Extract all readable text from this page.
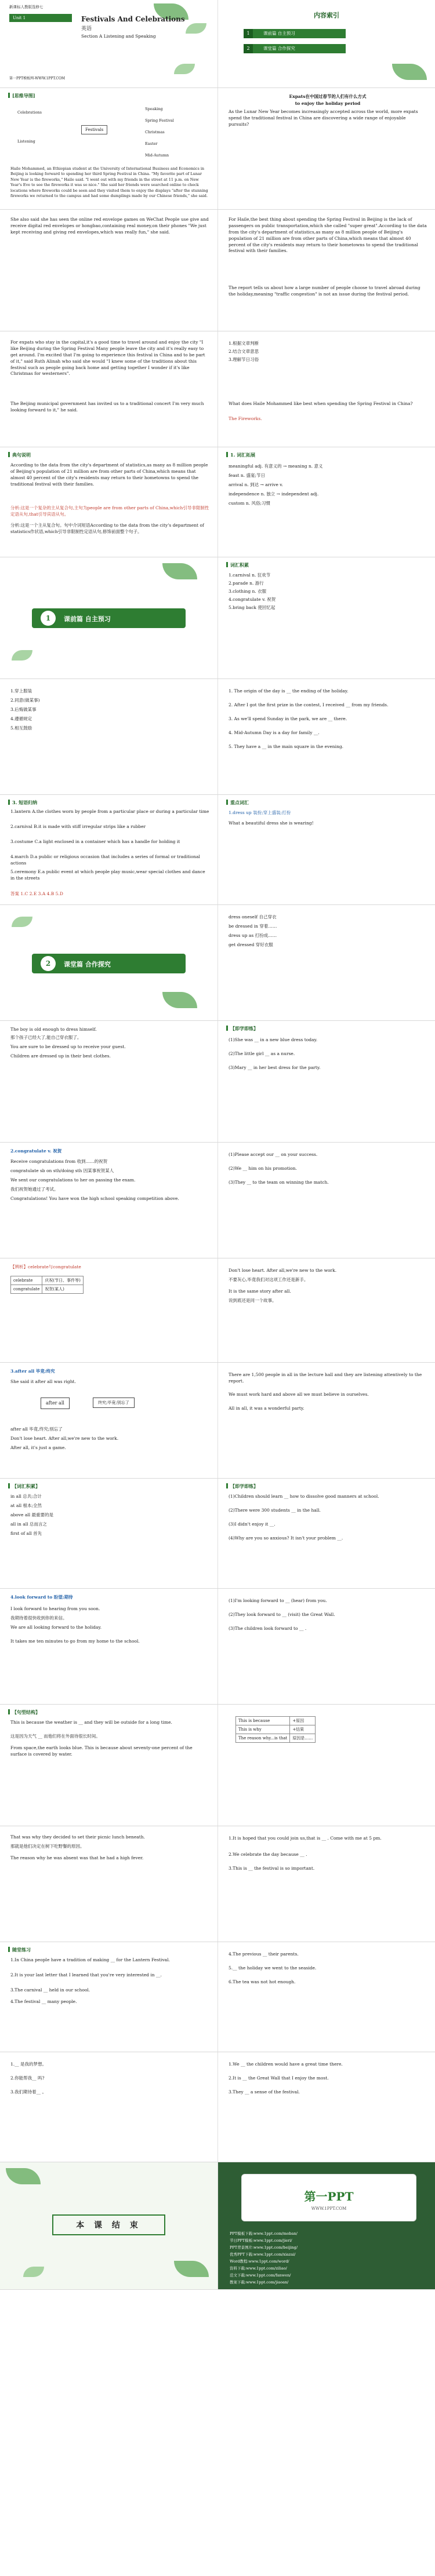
新课标人教版选修七
Unit 1	Festivals And Celebrations
英语
Section A Listening and Speaking
第一PPT模板网-WWW.1PPT.COM
内容索引
1	课前篇 自主预习
2	课堂篇 合作探究
[思维导图]
Festivals
Celebrations
Listening
Speaking
Spring Festival
Christmas
Easter
Mid-Autumn
Haile Mohammed, an Ethiopian student at the University of International Business and Economics in Beijing is looking forward to spending her third Spring Festival in China. "My favorite part of Lunar New Year is the fireworks," Haile said. "I went out with my friends in the street at 11 p.m. on New Year's Eve to see the fireworks it was so nice." She said her friends were searched online to check locations where fireworks could be seen and they visited them to enjoy the displays "after the stunning fireworks we returned to the campus and had some dumplings made by our Chinese friends," she said.
Expats在中国过春节的人们有什么方式
to enjoy the holiday period
As the Lunar New Year becomes increasingly accepted across the world, more expats spend the traditional festival in China are discovering a wide range of enjoyable pursuits?
She also said she has seen the online red envelope games on WeChat People use give and receive digital red envelopes or hongbao,containing real money,on their phones "We just kept receiving and giving red envelopes,which was really fun," she said.
For Haile,the best thing about spending the Spring Festival in Beijing is the lack of passengers on public transportation,which she called "super great".According to the data from the city's department of statistics,as many as 8 million people of Beijing's population of 21 million are from other parts of China,which means that almost 40 percent of the city's residents may return to their hometowns to spend the traditional festival with their families.
The report tells us about how a large number of people choose to travel abroad during the holiday,meaning "traffic congestion" is not an issue during the festival period.
For expats who stay in the capital,it's a good time to travel around and enjoy the city "I like Beijing during the Spring Festival Many people leave the city and it's really easy to get around. I'm excited that I'm going to experience this festival in China and to be part of it," said Ruth Alinah who said she would "I knew some of the traditions about this festival such as people going back home and getting together I wonder if it's like Christmas for westerners".
The Beijing municipal government has invited us to a traditional concert I'm very much looking forward to it," he said.
1.根据文章判断
2.结合文章意思
3.理解节日习俗
What does Haile Mohammed like best when spending the Spring Festival in China?
The Fireworks.
典句说明
According to the data from the city's department of statistics,as many as 8 million people of Beijing's population of 21 million are from other parts of China,which means that almost 40 percent of the city's residents may return to their hometowns to spend the traditional festival with their families.
分析:这是一个复杂的主从复合句,主句为people are from other parts of China,which引导非限制性定语从句,that引导宾语从句。
分析:这是一个主从复合句。句中介词短语According to the data from the city's department of statistics作状语,which引导非限制性定语从句,修饰前面整个句子。
1. 词汇拓展
meaningful adj. 有意义的 → meaning n. 意义
feast n. 盛宴;节日
arrival n. 到达 → arrive v.
independence n. 独立 → independent adj.
custom n. 风俗;习惯
1	课前篇 自主预习
词汇积累
1.carnival n. 狂欢节
2.parade n. 游行
3.clothing n. 衣服
4.congratulate v. 祝贺
5.bring back 使回忆起
1.穿上服装
2.同意(做某事)
3.后悔做某事
4.遵循规定
5.相互鼓励
1. The origin of the day is __ the ending of the holiday.
2. After I got the first prize in the contest, I received __ from my friends.
3. As we'll spend Sunday in the park, we are __ there.
4. Mid-Autumn Day is a day for family __.
5. They have a __ in the main square in the evening.
3. 短语归纳
1.lantern A.the clothes worn by people from a particular place or during a particular time
2.carnival B.it is made with stiff irregular strips like a rubber
3.costume C.a light enclosed in a container which has a handle for holding it
4.march D.a public or religious occasion that includes a series of formal or traditional actions
5.ceremony E.a public event at which people play music,wear special clothes and dance in the streets
答案 1.C 2.E 3.A 4.B 5.D
重点词汇
1.dress up 装扮;穿上盛装;打扮
What a beautiful dress she is wearing!
2	课堂篇 合作探究
dress oneself 自己穿衣
be dressed in 穿着……
dress up as 打扮成……
get dressed 穿好衣服
The boy is old enough to dress himself.
那个孩子已经大了,能自己穿衣服了。
You are sure to be dressed up to receive your guest.
Children are dressed up in their best clothes.
【即学即练】
(1)She was __ in a new blue dress today.
(2)The little girl __ as a nurse.
(3)Mary __ in her best dress for the party.
2.congratulate v. 祝贺
Receive congratulations from 收到……的祝贺
congratulate sb on sth/doing sth 因某事祝贺某人
We sent our congratulations to her on passing the exam.
我们祝贺她通过了考试。
Congratulations! You have won the high school speaking competition above.
(1)Please accept our __ on your success.
(2)We __ him on his promotion.
(3)They __ to the team on winning the match.
【辨析】celebrate与congratulate
celebrate	庆祝(节日、事件等)
congratulate	祝贺(某人)
Don't lose heart. After all,we're new to the work.
不要灰心,毕竟我们对这项工作还是新手。
It is the same story after all.
说到底还是同一个故事。
3.after all 毕竟;终究
She said it after all was right.
after all	终究;毕竟;别忘了
after all 毕竟,终究;别忘了
Don't lose heart. After all,we're new to the work.
After all, it's just a game.
There are 1,500 people in all in the lecture hall and they are listening attentively to the report.
We must work hard and above all we must believe in ourselves.
All in all, it was a wonderful party.
【词汇积累】
in all 总共;合计
at all 根本;全然
above all 最重要的是
all in all 总而言之
first of all 首先
【即学即练】
(1)Children should learn __ how to dissolve good manners at school.
(2)There were 300 students __ in the hall.
(3)I didn't enjoy it __.
(4)Why are you so anxious? It isn't your problem __.
4.look forward to 盼望;期待
I look forward to hearing from you soon.
我期待着很快收到你的来信。
We are all looking forward to the holiday.
It takes me ten minutes to go from my home to the school.
(1)I'm looking forward to __ (hear) from you.
(2)They look forward to __ (visit) the Great Wall.
(3)The children look forward to __ .
【句型结构】
This is because the weather is __ and they will be outside for a long time.
这是因为天气 __ 而他们将在外面待很长时间。
From space,the earth looks blue. This is because about seventy-one percent of the surface is covered by water.
This is because	+原因
This is why	+结果
The reason why...is that	原因是……
That was why they decided to set their picnic lunch beneath.
那就是他们决定在树下吃野餐的原因。
The reason why he was absent was that he had a high fever.
1.It is hoped that you could join us,that is __ . Come with me at 5 pm.
2.We celebrate the day because __ .
3.This is __ the festival is so important.
随堂练习
1.In China people have a tradition of making __ for the Lantern Festival.
2.It is your last letter that I learned that you're very interested in __.
3.The carnival __ held in our school.
4.The festival __ many people.
4.The previous __ their parents.
5.__ the holiday we went to the seaside.
6.The tea was not hot enough.
1.__ 是我的梦想。
2.你能帮我__ 吗?
3.我们期待着__ 。
1.We __ the children would have a great time there.
2.It is __ the Great Wall that I enjoy the most.
3.They __ a sense of the festival.
本 课 结 束
第一PPT
WWW.1PPT.COM
PPT模板下载:www.1ppt.com/moban/
节日PPT模板:www.1ppt.com/jieri/
PPT背景图片:www.1ppt.com/beijing/
优秀PPT下载:www.1ppt.com/xiazai/
Word教程:www.1ppt.com/word/
资料下载:www.1ppt.com/ziliao/
范文下载:www.1ppt.com/fanwen/
教案下载:www.1ppt.com/jiaoan/
